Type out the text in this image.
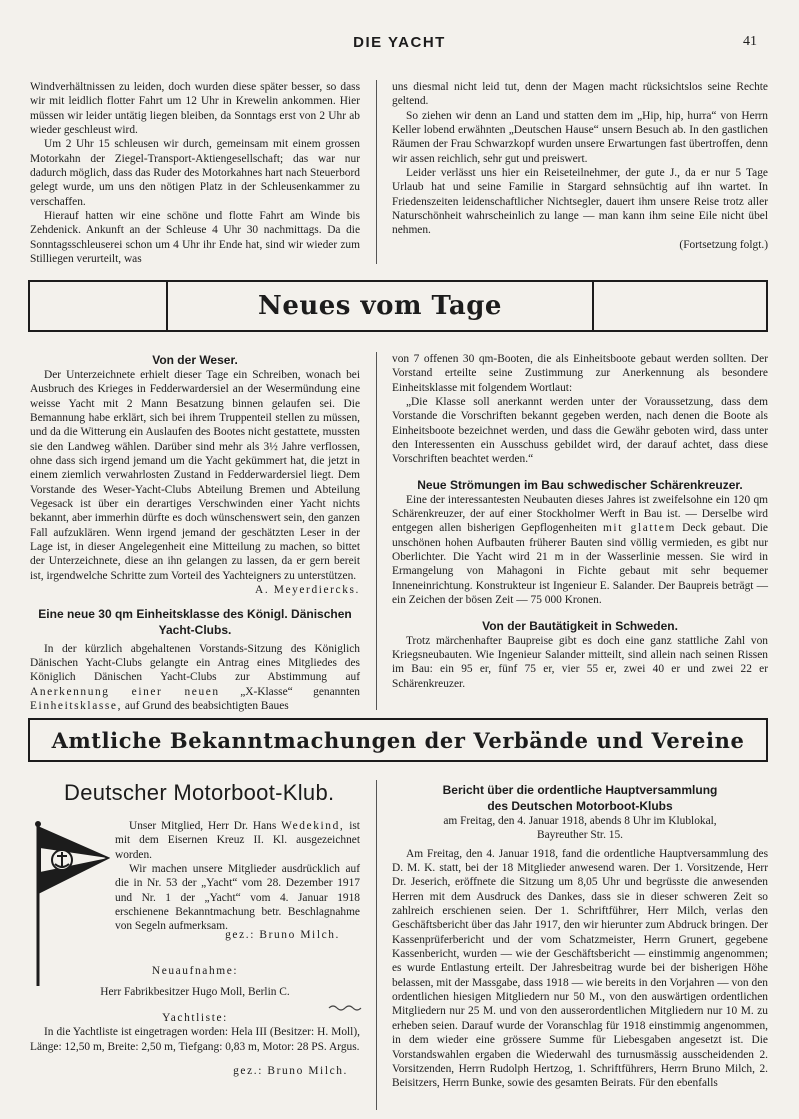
DIE YACHT	41

Windverhältnissen zu leiden, doch wurden diese später besser, so dass wir mit leidlich flotter Fahrt um 12 Uhr in Krewelin ankommen. Hier müssen wir leider untätig liegen bleiben, da Sonntags erst von 2 Uhr ab wieder geschleust wird.

Um 2 Uhr 15 schleusen wir durch, gemeinsam mit einem grossen Motorkahn der Ziegel-Transport-Aktiengesellschaft; das war nur dadurch möglich, dass das Ruder des Motorkahnes hart nach Steuerbord gelegt wurde, um uns den nötigen Platz in der Schleusenkammer zu verschaffen.

Hierauf hatten wir eine schöne und flotte Fahrt am Winde bis Zehdenick. Ankunft an der Schleuse 4 Uhr 30 nachmittags. Da die Sonntagsschleuserei schon um 4 Uhr ihr Ende hat, sind wir wieder zum Stilliegen verurteilt, was

uns diesmal nicht leid tut, denn der Magen macht rücksichtslos seine Rechte geltend.

So ziehen wir denn an Land und statten dem im „Hip, hip, hurra“ von Herrn Keller lobend erwähnten „Deutschen Hause“ unsern Besuch ab. In den gastlichen Räumen der Frau Schwarzkopf wurden unsere Erwartungen fast übertroffen, denn wir assen reichlich, sehr gut und preiswert.

Leider verlässt uns hier ein Reiseteilnehmer, der gute J., da er nur 5 Tage Urlaub hat und seine Familie in Stargard sehnsüchtig auf ihn wartet. In Friedenszeiten leidenschaftlicher Nichtsegler, dauert ihm unsere Reise trotz aller Naturschönheit wahrscheinlich zu lange — man kann ihm seine Eile nicht übel nehmen.

(Fortsetzung folgt.)

Neues vom Tage
Von der Weser.

Der Unterzeichnete erhielt dieser Tage ein Schreiben, wonach bei Ausbruch des Krieges in Fedderwardersiel an der Wesermündung eine weisse Yacht mit 2 Mann Besatzung binnen gelaufen sei. Die Bemannung habe erklärt, sich bei ihrem Truppenteil stellen zu müssen, und da die Witterung ein Auslaufen des Bootes nicht gestattete, mussten sie den Landweg wählen. Darüber sind mehr als 3½ Jahre verflossen, ohne dass sich irgend jemand um die Yacht gekümmert hat, die jetzt in einem ziemlich verwahrlosten Zustand in Fedderwardersiel liegt. Dem Vorstande des Weser-Yacht-Clubs Abteilung Bremen und Abteilung Vegesack ist über ein derartiges Verschwinden einer Yacht nichts bekannt, aber immerhin dürfte es doch wünschenswert sein, den ganzen Fall aufzuklären. Wenn irgend jemand der geschätzten Leser in der Lage ist, in dieser Angelegenheit eine Mitteilung zu machen, so bittet der Unterzeichnete, diese an ihn gelangen zu lassen, da er gern bereit ist, irgendwelche Schritte zum Vorteil des Yachteigners zu unterstützen.

A. Meyerdiercks.

Eine neue 30 qm Einheitsklasse des Königl. Dänischen
Yacht-Clubs.

In der kürzlich abgehaltenen Vorstands-Sitzung des Königlich Dänischen Yacht-Clubs gelangte ein Antrag eines Mitgliedes des Königlich Dänischen Yacht-Clubs zur Abstimmung auf Anerkennung einer neuen „X-Klasse“ genannten Einheitsklasse, auf Grund des beabsichtigten Baues

von 7 offenen 30 qm-Booten, die als Einheitsboote gebaut werden sollten. Der Vorstand erteilte seine Zustimmung zur Anerkennung als besondere Einheitsklasse mit folgendem Wortlaut:

„Die Klasse soll anerkannt werden unter der Voraussetzung, dass dem Vorstande die Vorschriften bekannt gegeben werden, nach denen die Boote als Einheitsboote bezeichnet werden, und dass die Gewähr geboten wird, dass unter den Interessenten ein Ausschuss gebildet wird, der darauf achtet, dass diese Vorschriften beachtet werden.“

Neue Strömungen im Bau schwedischer Schärenkreuzer.

Eine der interessantesten Neubauten dieses Jahres ist zweifelsohne ein 120 qm Schärenkreuzer, der auf einer Stockholmer Werft in Bau ist. — Derselbe wird entgegen allen bisherigen Gepflogenheiten mit glattem Deck gebaut. Die unschönen hohen Aufbauten früherer Bauten sind völlig vermieden, es gibt nur Oberlichter. Die Yacht wird 21 m in der Wasserlinie messen. Sie wird in Ermangelung von Mahagoni in Fichte gebaut mit sehr bequemer Inneneinrichtung. Konstrukteur ist Ingenieur E. Salander. Der Baupreis beträgt — ein Zeichen der bösen Zeit — 75 000 Kronen.

Von der Bautätigkeit in Schweden.

Trotz märchenhafter Baupreise gibt es doch eine ganz stattliche Zahl von Kriegsneubauten. Wie Ingenieur Salander mitteilt, sind allein nach seinen Rissen im Bau: ein 95 er, fünf 75 er, vier 55 er, zwei 40 er und zwei 22 er Schärenkreuzer.

Amtliche Bekanntmachungen der Verbände und Vereine
Deutscher Motorboot-Klub.

Unser Mitglied, Herr Dr. Hans Wedekind, ist mit dem Eisernen Kreuz II. Kl. ausgezeichnet worden.

Wir machen unsere Mitglieder ausdrücklich auf die in Nr. 53 der „Yacht“ vom 28. Dezember 1917 und Nr. 1 der „Yacht“ vom 4. Januar 1918 erschienene Bekanntmachung betr. Beschlagnahme von Segeln aufmerksam.

gez.: Bruno Milch.

Neuaufnahme:

Herr Fabrikbesitzer Hugo Moll, Berlin C.

Yachtliste:

In die Yachtliste ist eingetragen worden: Hela III (Besitzer: H. Moll), Länge: 12,50 m, Breite: 2,50 m, Tiefgang: 0,83 m, Motor: 28 PS. Argus.

gez.: Bruno Milch.

Bericht über die ordentliche Hauptversammlung
des Deutschen Motorboot-Klubs

am Freitag, den 4. Januar 1918, abends 8 Uhr im Klublokal,

Bayreuther Str. 15.

Am Freitag, den 4. Januar 1918, fand die ordentliche Hauptversammlung des D. M. K. statt, bei der 18 Mitglieder anwesend waren. Der 1. Vorsitzende, Herr Dr. Jeserich, eröffnete die Sitzung um 8,05 Uhr und begrüsste die anwesenden Herren mit dem Ausdruck des Dankes, dass sie in dieser schweren Zeit so zahlreich erschienen seien. Der 1. Schriftführer, Herr Milch, verlas den Geschäftsbericht über das Jahr 1917, den wir hierunter zum Abdruck bringen. Der Kassenprüferbericht und der vom Schatzmeister, Herrn Grunert, gegebene Kassenbericht, wurden — wie der Geschäftsbericht — einstimmig angenommen; es wurde Entlastung erteilt. Der Jahresbeitrag wurde bei der bisherigen Höhe belassen, mit der Massgabe, dass 1918 — wie bereits in den Vorjahren — von den ordentlichen hiesigen Mitgliedern nur 50 M., von den auswärtigen ordentlichen Mitgliedern nur 25 M. und von den ausserordentlichen Mitgliedern nur 10 M. zu erheben seien. Darauf wurde der Voranschlag für 1918 einstimmig angenommen, in dem wieder eine grössere Summe für Liebesgaben angesetzt ist. Die Vorstandswahlen ergaben die Wiederwahl des turnusmässig ausscheidenden 2. Vorsitzenden, Herrn Rudolph Hertzog, 1. Schriftführers, Herrn Bruno Milch, 2. Beisitzers, Herrn Bunke, sowie des gesamten Beirats. Für den ebenfalls
